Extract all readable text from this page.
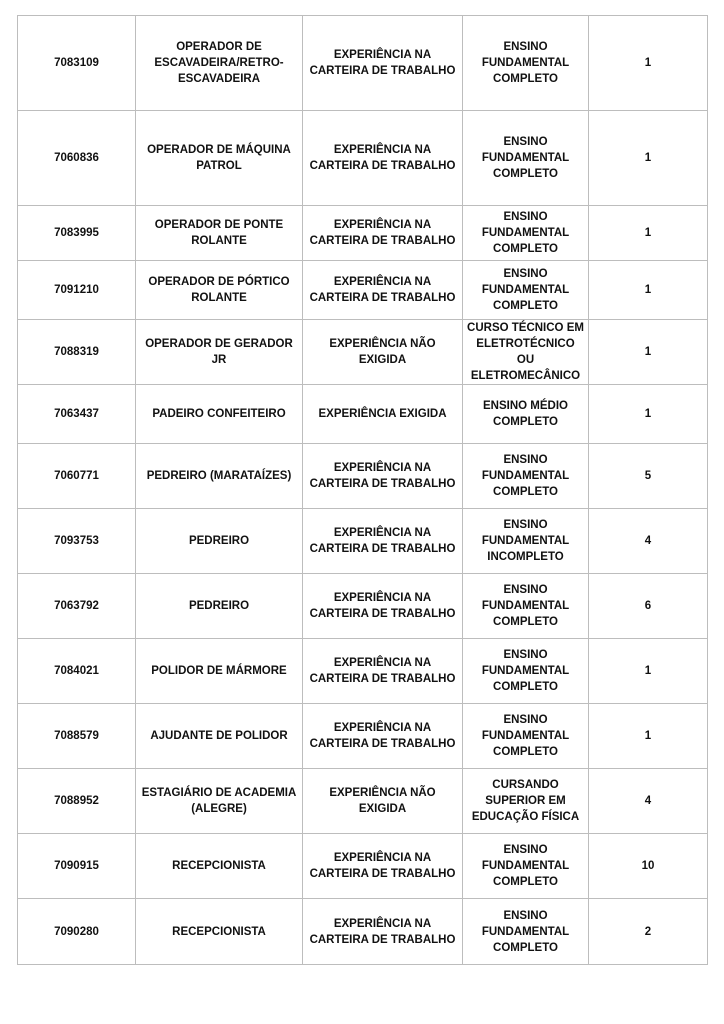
7083109	OPERADOR DE ESCAVADEIRA/RETRO-ESCAVADEIRA	EXPERIÊNCIA NA CARTEIRA DE TRABALHO	ENSINO FUNDAMENTAL COMPLETO	1
7060836	OPERADOR DE MÁQUINA PATROL	EXPERIÊNCIA NA CARTEIRA DE TRABALHO	ENSINO FUNDAMENTAL COMPLETO	1
7083995	OPERADOR DE PONTE ROLANTE	EXPERIÊNCIA NA CARTEIRA DE TRABALHO	ENSINO FUNDAMENTAL COMPLETO	1
7091210	OPERADOR DE PÓRTICO ROLANTE	EXPERIÊNCIA NA CARTEIRA DE TRABALHO	ENSINO FUNDAMENTAL COMPLETO	1
7088319	OPERADOR DE GERADOR JR	EXPERIÊNCIA NÃO EXIGIDA	CURSO TÉCNICO EM ELETROTÉCNICO OU ELETROMECÂNICO	1
7063437	PADEIRO CONFEITEIRO	EXPERIÊNCIA EXIGIDA	ENSINO MÉDIO COMPLETO	1
7060771	PEDREIRO (MARATAÍZES)	EXPERIÊNCIA NA CARTEIRA DE TRABALHO	ENSINO FUNDAMENTAL COMPLETO	5
7093753	PEDREIRO	EXPERIÊNCIA NA CARTEIRA DE TRABALHO	ENSINO FUNDAMENTAL INCOMPLETO	4
7063792	PEDREIRO	EXPERIÊNCIA NA CARTEIRA DE TRABALHO	ENSINO FUNDAMENTAL COMPLETO	6
7084021	POLIDOR DE MÁRMORE	EXPERIÊNCIA NA CARTEIRA DE TRABALHO	ENSINO FUNDAMENTAL COMPLETO	1
7088579	AJUDANTE DE POLIDOR	EXPERIÊNCIA NA CARTEIRA DE TRABALHO	ENSINO FUNDAMENTAL COMPLETO	1
7088952	ESTAGIÁRIO DE ACADEMIA (ALEGRE)	EXPERIÊNCIA NÃO EXIGIDA	CURSANDO SUPERIOR EM EDUCAÇÃO FÍSICA	4
7090915	RECEPCIONISTA	EXPERIÊNCIA NA CARTEIRA DE TRABALHO	ENSINO FUNDAMENTAL COMPLETO	10
7090280	RECEPCIONISTA	EXPERIÊNCIA NA CARTEIRA DE TRABALHO	ENSINO FUNDAMENTAL COMPLETO	2
